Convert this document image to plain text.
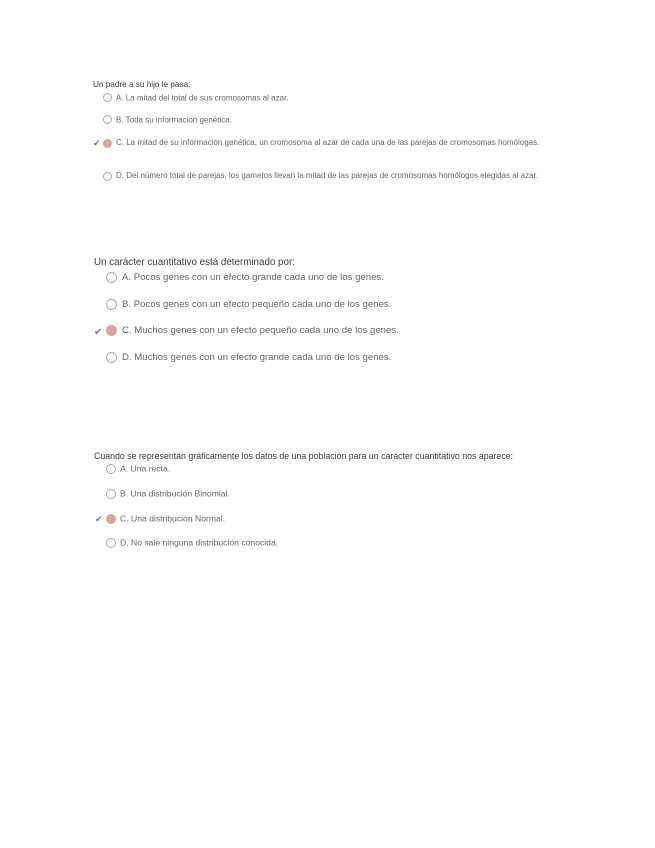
Un padre a su hijo le pasa:
A. La mitad del total de sus cromosomas al azar.
B. Toda su información genética.
✔	C. La mitad de su información genética, un cromosoma al azar de cada una de las parejas de cromosomas homólogas.
D. Del número total de parejas, los gametos llevan la mitad de las parejas de cromosomas homólogos elegidas al azar.
Un carácter cuantitativo está determinado por:
A. Pocos genes con un efecto grande cada uno de los genes.
B. Pocos genes con un efecto pequeño cada uno de los genes.
✔	C. Muchos genes con un efecto pequeño cada uno de los genes.
D. Muchos genes con un efecto grande cada uno de los genes.
Cuando se representan gráficamente los datos de una población para un carácter cuantitativo nos aparece:
A. Una recta.
B. Una distribución Binomial.
✔	C. Una distribución Normal.
D. No sale ninguna distribución conocida.
